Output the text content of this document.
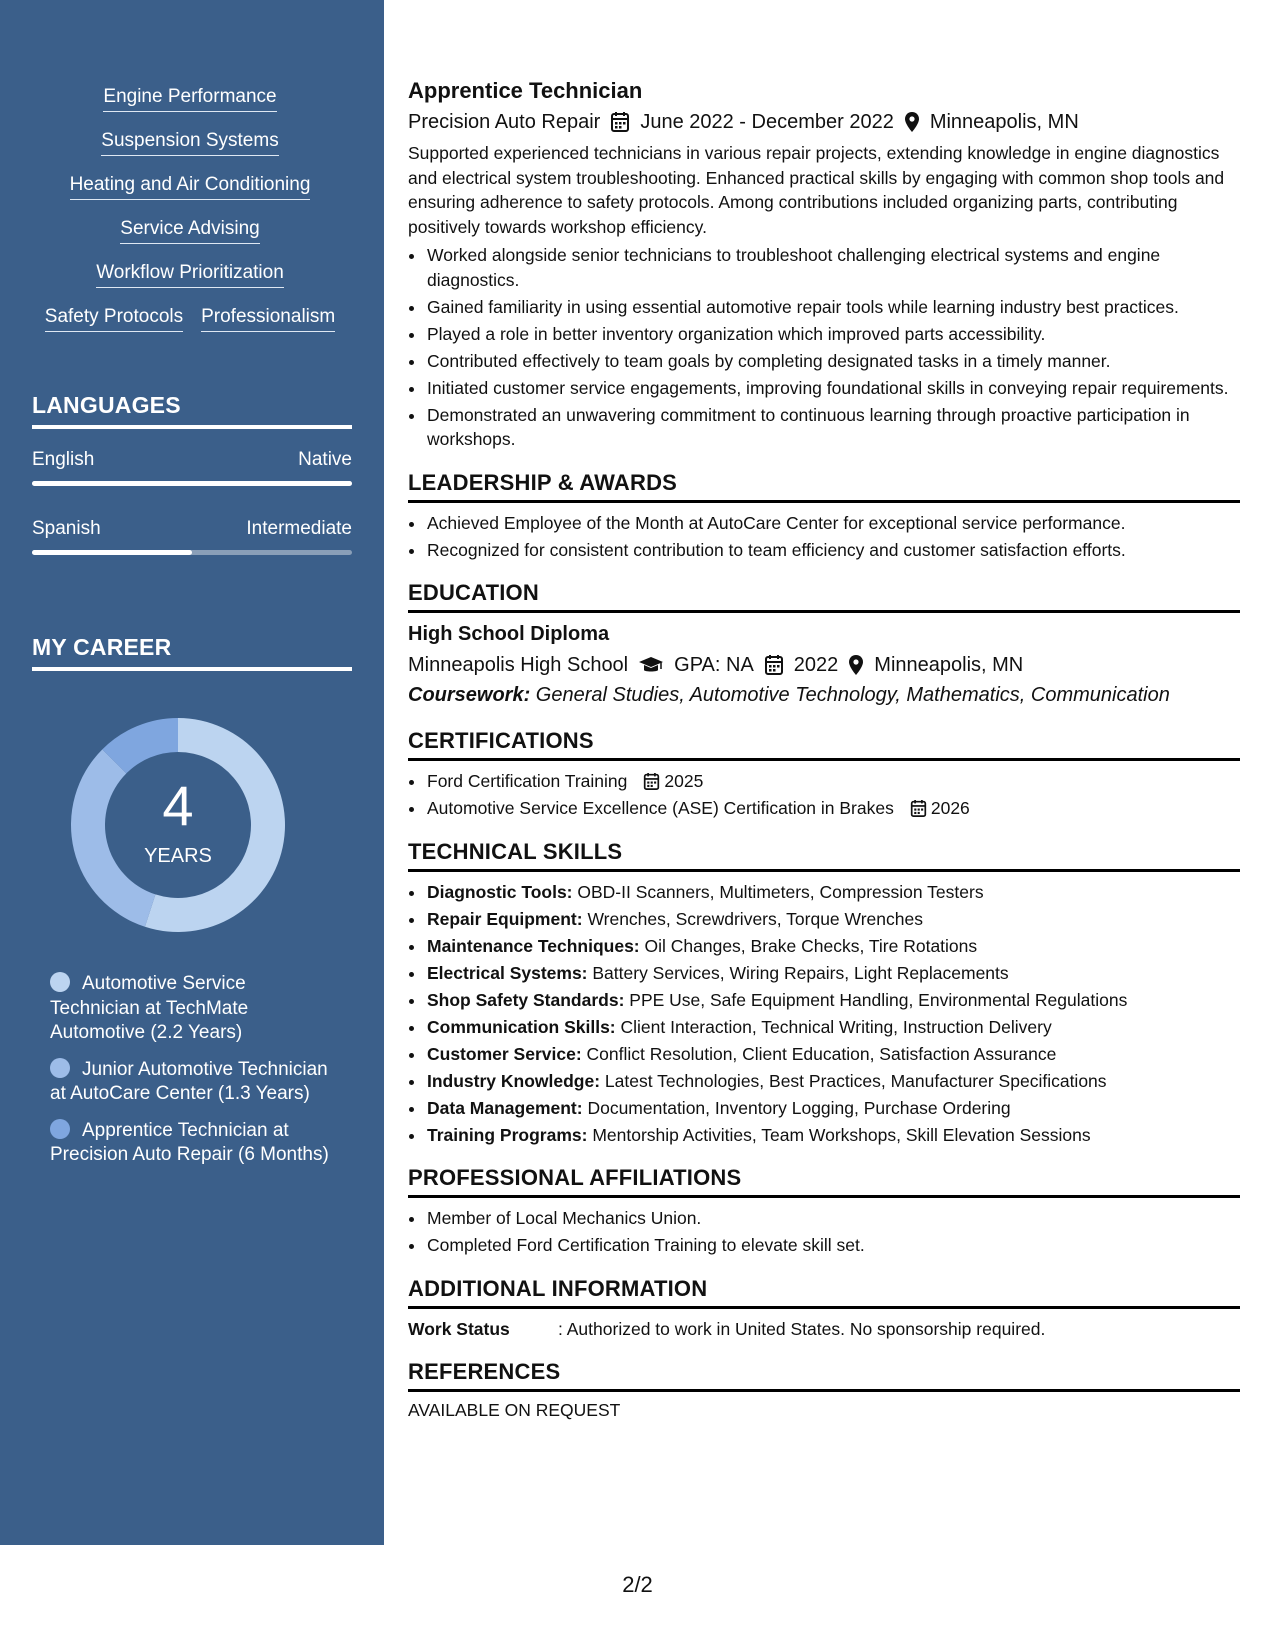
Engine Performance
Suspension Systems
Heating and Air Conditioning
Service Advising
Workflow Prioritization
Safety Protocols Professionalism
LANGUAGES
English	Native
Spanish	Intermediate
MY CAREER
4
YEARS
Automotive Service Technician at TechMate Automotive (2.2 Years)
Junior Automotive Technician at AutoCare Center (1.3 Years)
Apprentice Technician at Precision Auto Repair (6 Months)
Apprentice Technician
Precision Auto Repair June 2022 - December 2022 Minneapolis, MN

Supported experienced technicians in various repair projects, extending knowledge in engine diagnostics and electrical system troubleshooting. Enhanced practical skills by engaging with common shop tools and ensuring adherence to safety protocols. Among contributions included organizing parts, contributing positively towards workshop efficiency.

• Worked alongside senior technicians to troubleshoot challenging electrical systems and engine diagnostics.
• Gained familiarity in using essential automotive repair tools while learning industry best practices.
• Played a role in better inventory organization which improved parts accessibility.
• Contributed effectively to team goals by completing designated tasks in a timely manner.
• Initiated customer service engagements, improving foundational skills in conveying repair requirements.
• Demonstrated an unwavering commitment to continuous learning through proactive participation in workshops.
LEADERSHIP & AWARDS
• Achieved Employee of the Month at AutoCare Center for exceptional service performance.
• Recognized for consistent contribution to team efficiency and customer satisfaction efforts.
EDUCATION
High School Diploma
Minneapolis High School GPA: NA 2022 Minneapolis, MN
Coursework: General Studies, Automotive Technology, Mathematics, Communication
CERTIFICATIONS
• Ford Certification Training 2025
• Automotive Service Excellence (ASE) Certification in Brakes 2026
TECHNICAL SKILLS
• Diagnostic Tools: OBD-II Scanners, Multimeters, Compression Testers
• Repair Equipment: Wrenches, Screwdrivers, Torque Wrenches
• Maintenance Techniques: Oil Changes, Brake Checks, Tire Rotations
• Electrical Systems: Battery Services, Wiring Repairs, Light Replacements
• Shop Safety Standards: PPE Use, Safe Equipment Handling, Environmental Regulations
• Communication Skills: Client Interaction, Technical Writing, Instruction Delivery
• Customer Service: Conflict Resolution, Client Education, Satisfaction Assurance
• Industry Knowledge: Latest Technologies, Best Practices, Manufacturer Specifications
• Data Management: Documentation, Inventory Logging, Purchase Ordering
• Training Programs: Mentorship Activities, Team Workshops, Skill Elevation Sessions
PROFESSIONAL AFFILIATIONS
• Member of Local Mechanics Union.
• Completed Ford Certification Training to elevate skill set.
ADDITIONAL INFORMATION
Work Status	: Authorized to work in United States. No sponsorship required.
REFERENCES
AVAILABLE ON REQUEST
2/2
